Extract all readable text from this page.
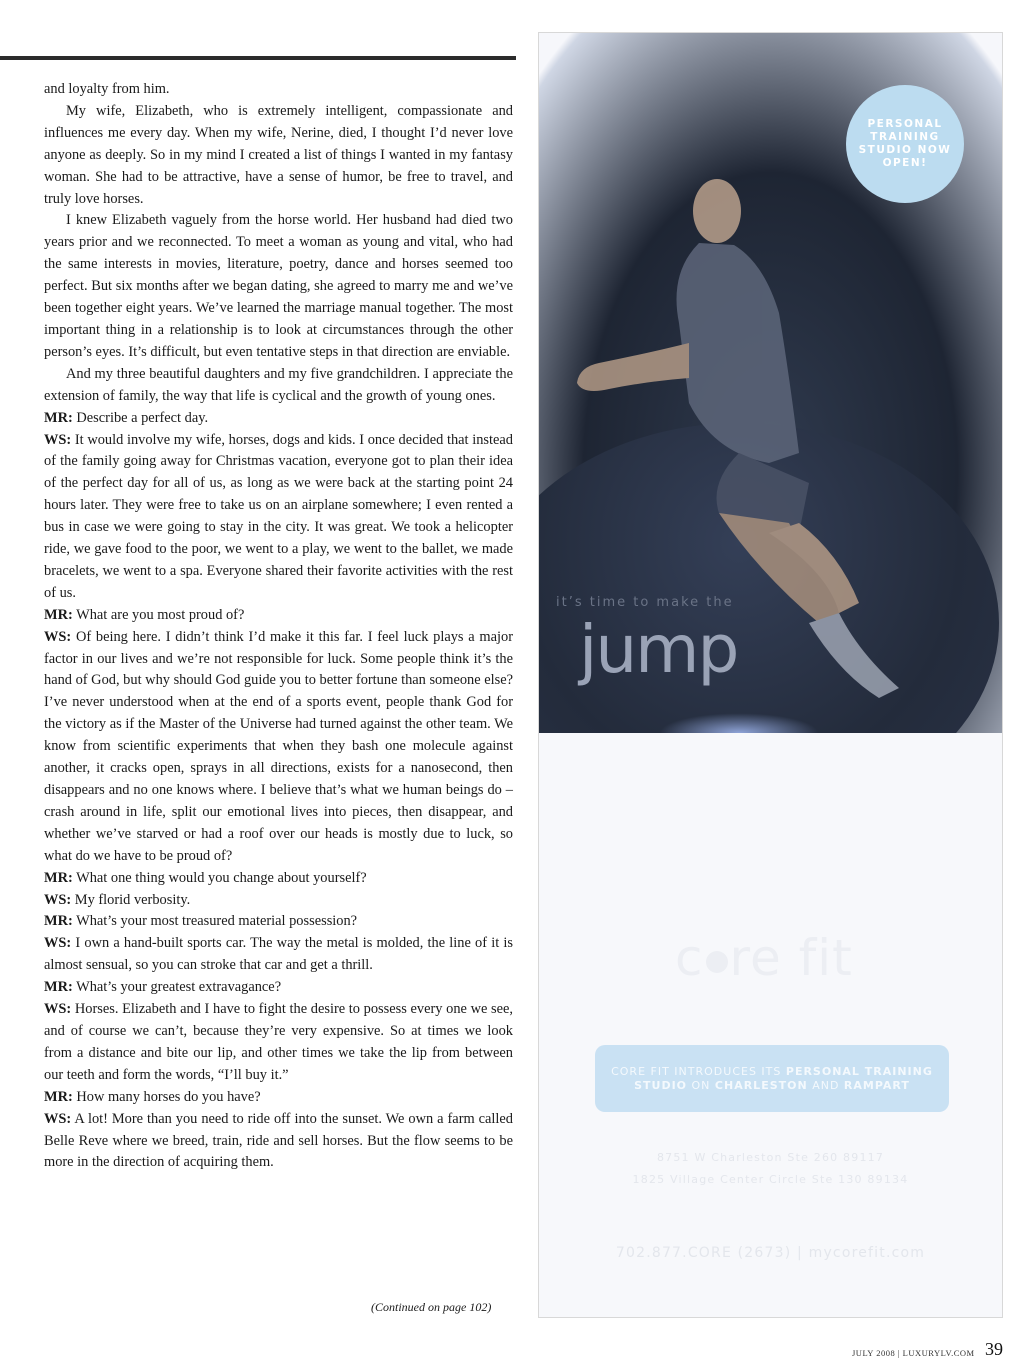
and loyalty from him.

My wife, Elizabeth, who is extremely intelligent, compassionate and influences me every day. When my wife, Nerine, died, I thought I’d never love anyone as deeply. So in my mind I created a list of things I wanted in my fantasy woman. She had to be attractive, have a sense of humor, be free to travel, and truly love horses.

I knew Elizabeth vaguely from the horse world. Her husband had died two years prior and we reconnected. To meet a woman as young and vital, who had the same interests in movies, literature, poetry, dance and horses seemed too perfect. But six months after we began dating, she agreed to marry me and we’ve been together eight years. We’ve learned the marriage manual together. The most important thing in a relationship is to look at circumstances through the other person’s eyes. It’s difficult, but even tentative steps in that direction are enviable.

And my three beautiful daughters and my five grandchildren. I appreciate the extension of family, the way that life is cyclical and the growth of young ones.

MR: Describe a perfect day.

WS: It would involve my wife, horses, dogs and kids. I once decided that instead of the family going away for Christmas vacation, everyone got to plan their idea of the perfect day for all of us, as long as we were back at the starting point 24 hours later. They were free to take us on an airplane somewhere; I even rented a bus in case we were going to stay in the city. It was great. We took a helicopter ride, we gave food to the poor, we went to a play, we went to the ballet, we made bracelets, we went to a spa. Everyone shared their favorite activities with the rest of us.

MR: What are you most proud of?

WS: Of being here. I didn’t think I’d make it this far. I feel luck plays a major factor in our lives and we’re not responsible for luck. Some people think it’s the hand of God, but why should God guide you to better fortune than someone else? I’ve never understood when at the end of a sports event, people thank God for the victory as if the Master of the Universe had turned against the other team. We know from scientific experiments that when they bash one molecule against another, it cracks open, sprays in all directions, exists for a nanosecond, then disappears and no one knows where. I believe that’s what we human beings do – crash around in life, split our emotional lives into pieces, then disappear, and whether we’ve starved or had a roof over our heads is mostly due to luck, so what do we have to be proud of?

MR: What one thing would you change about yourself?

WS: My florid verbosity.

MR: What’s your most treasured material possession?

WS: I own a hand-built sports car. The way the metal is molded, the line of it is almost sensual, so you can stroke that car and get a thrill.

MR: What’s your greatest extravagance?

WS: Horses. Elizabeth and I have to fight the desire to possess every one we see, and of course we can’t, because they’re very expensive. So at times we look from a distance and bite our lip, and other times we take the lip from between our teeth and form the words, “I’ll buy it.”

MR: How many horses do you have?

WS: A lot! More than you need to ride off into the sunset. We own a farm called Belle Reve where we breed, train, ride and sell horses. But the flow seems to be more in the direction of acquiring them.

(Continued on page 102)
PERSONAL TRAINING STUDIO NOW OPEN!
it’s time to make the
jump
c re fit
CORE FIT INTRODUCES ITS PERSONAL TRAINING STUDIO ON CHARLESTON AND RAMPART
8751 W Charleston Ste 260 89117
1825 Village Center Circle Ste 130 89134
702.877.CORE (2673) | mycorefit.com
JULY 2008 | LUXURYLV.COM 39
